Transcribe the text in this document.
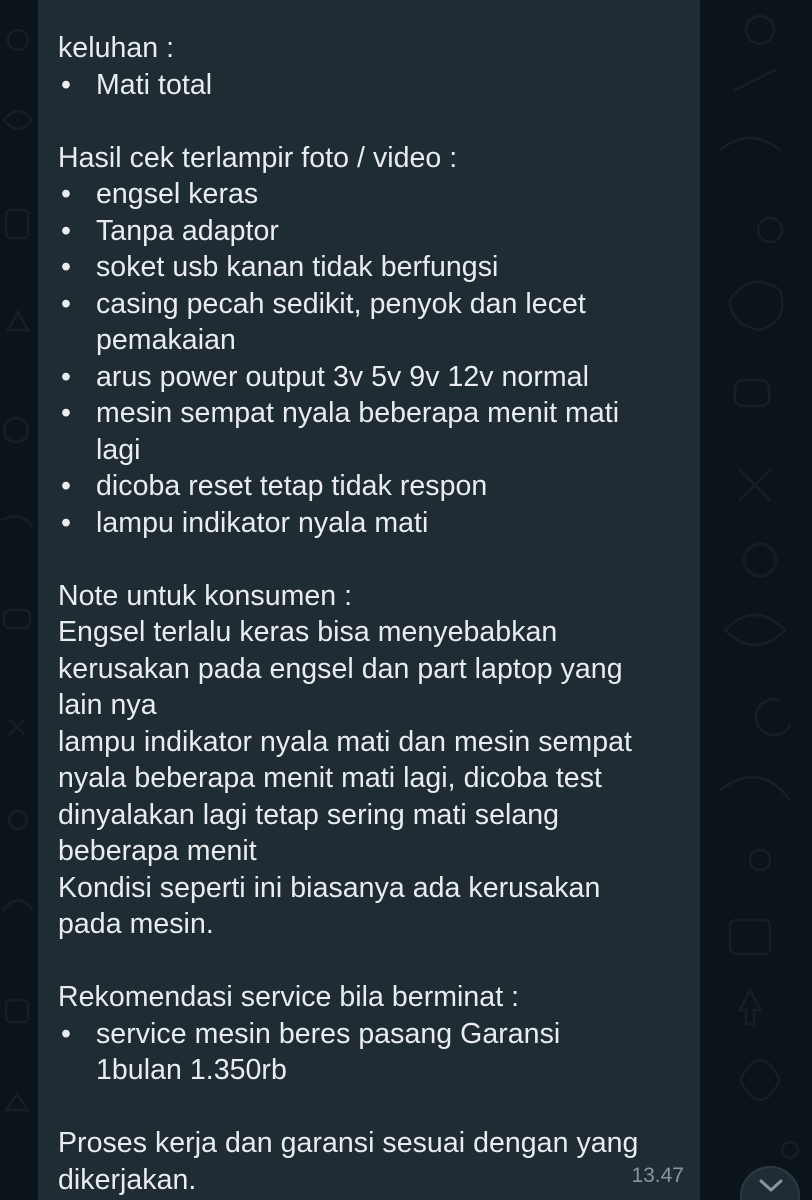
keluhan :
• Mati total
Hasil cek terlampir foto / video :
• engsel keras
• Tanpa adaptor
• soket usb kanan tidak berfungsi
• casing pecah sedikit, penyok dan lecet pemakaian
• arus power output 3v 5v 9v 12v normal
• mesin sempat nyala beberapa menit mati lagi
• dicoba reset tetap tidak respon
• lampu indikator nyala mati
Note untuk konsumen :
Engsel terlalu keras bisa menyebabkan
kerusakan pada engsel dan part laptop yang
lain nya
lampu indikator nyala mati dan mesin sempat
nyala beberapa menit mati lagi, dicoba test
dinyalakan lagi tetap sering mati selang
beberapa menit
Kondisi seperti ini biasanya ada kerusakan
pada mesin.
Rekomendasi service bila berminat :
• service mesin beres pasang Garansi 1bulan 1.350rb
Proses kerja dan garansi sesuai dengan yang
dikerjakan.	13.47
